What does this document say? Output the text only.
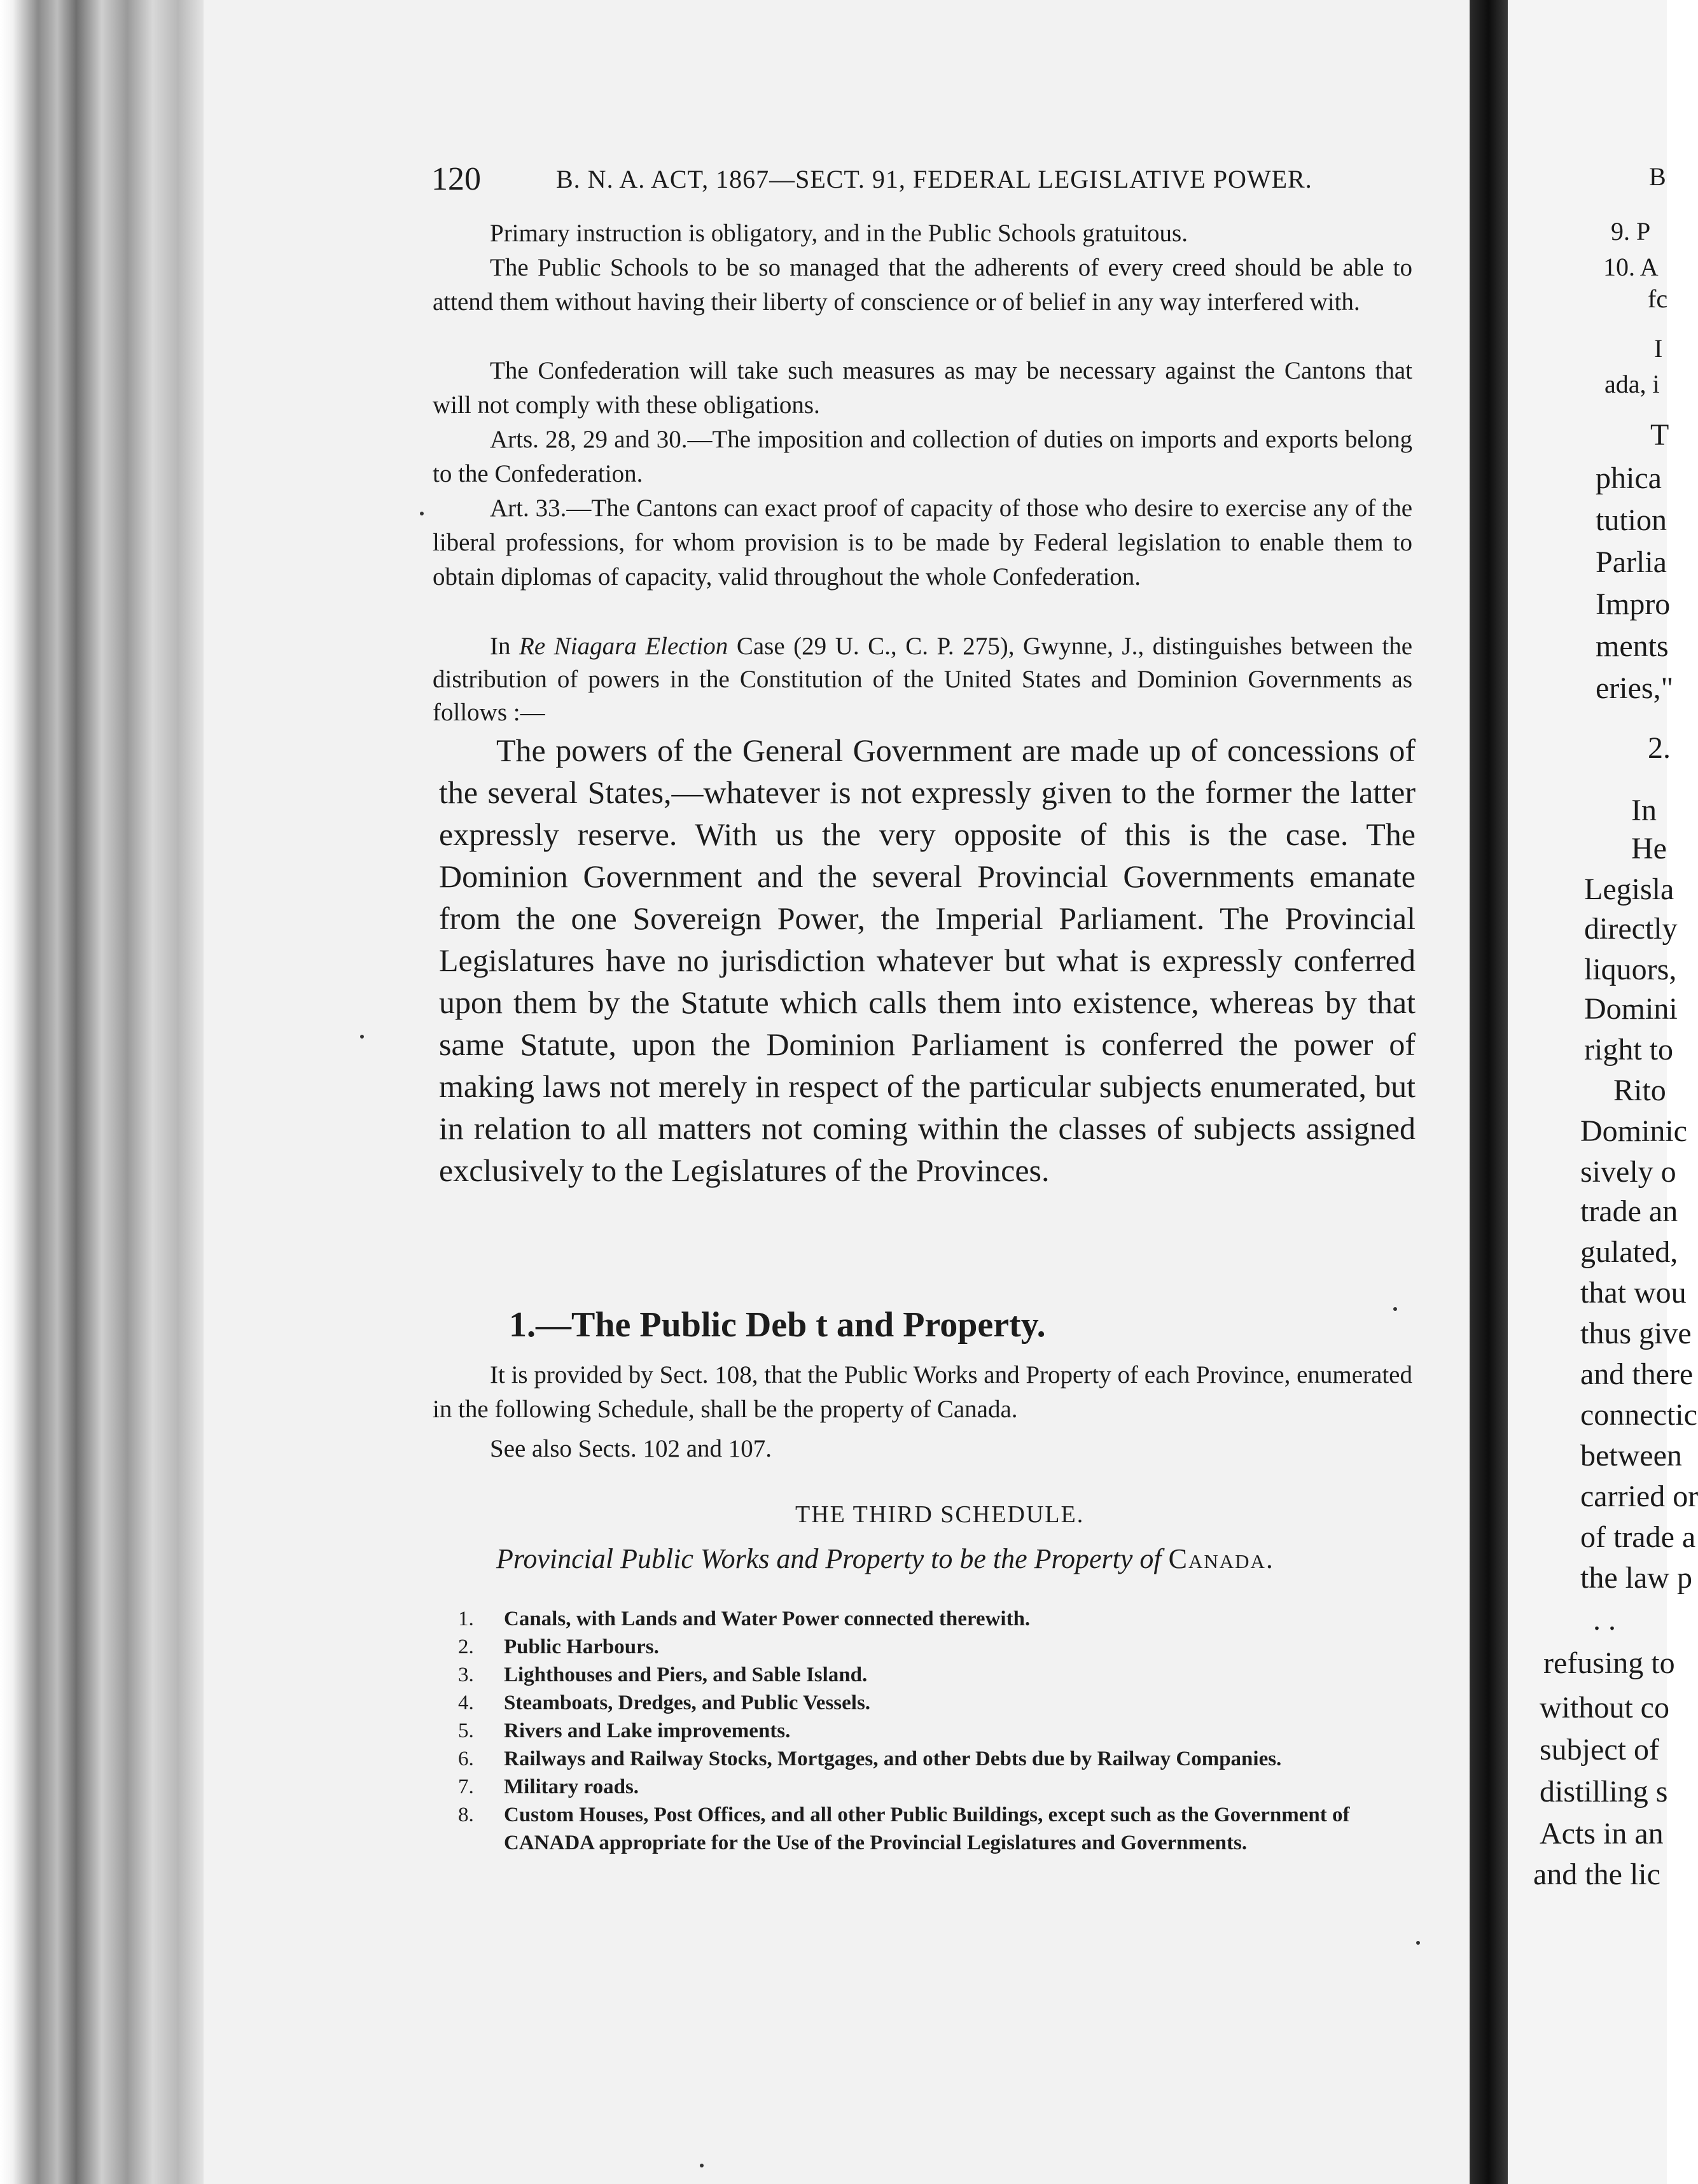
120	B. N. A. ACT, 1867—SECT. 91, FEDERAL LEGISLATIVE POWER.

Primary instruction is obligatory, and in the Public Schools gratuitous.

The Public Schools to be so managed that the adherents of every creed should be able to attend them without having their liberty of conscience or of belief in any way interfered with.

The Confederation will take such measures as may be necessary against the Cantons that will not comply with these obligations.

Arts. 28, 29 and 30.—The imposition and collection of duties on imports and exports belong to the Confederation.

Art. 33.—The Cantons can exact proof of capacity of those who desire to exercise any of the liberal professions, for whom provision is to be made by Federal legislation to enable them to obtain diplomas of capacity, valid throughout the whole Confederation.

In Re Niagara Election Case (29 U. C., C. P. 275), Gwynne, J., distinguishes between the distribution of powers in the Constitution of the United States and Dominion Governments as follows :—

The powers of the General Government are made up of concessions of the several States,—whatever is not expressly given to the former the latter expressly reserve. With us the very opposite of this is the case. The Dominion Government and the several Provincial Governments emanate from the one Sovereign Power, the Imperial Parliament. The Provincial Legislatures have no jurisdiction whatever but what is expressly conferred upon them by the Statute which calls them into existence, whereas by that same Statute, upon the Dominion Parliament is conferred the power of making laws not merely in respect of the particular subjects enumerated, but in relation to all matters not coming within the classes of subjects assigned exclusively to the Legislatures of the Provinces.

1.—The Public Deb t and Property.

It is provided by Sect. 108, that the Public Works and Property of each Province, enumerated in the following Schedule, shall be the property of Canada.

See also Sects. 102 and 107.

THE THIRD SCHEDULE.

Provincial Public Works and Property to be the Property of Canada.

1. Canals, with Lands and Water Power connected therewith.
2. Public Harbours.
3. Lighthouses and Piers, and Sable Island.
4. Steamboats, Dredges, and Public Vessels.
5. Rivers and Lake improvements.
6. Railways and Railway Stocks, Mortgages, and other Debts due by Railway Companies.
7. Military roads.
8. Custom Houses, Post Offices, and all other Public Buildings, except such as the Government of CANADA appropriate for the Use of the Provincial Legislatures and Governments.
B
9. P
10. A
fc
I
ada, i
T
phica
tution
Parlia
Impro
ments
eries,"
2.
In
He
Legisla
directly
liquors,
Domini
right to
Rito
Dominic
sively o
trade an
gulated,
that wou
thus give
and there
connectic
between
carried or
of trade a
the law p
. .
refusing to
without co
subject of
distilling s
Acts in an
and the lic
